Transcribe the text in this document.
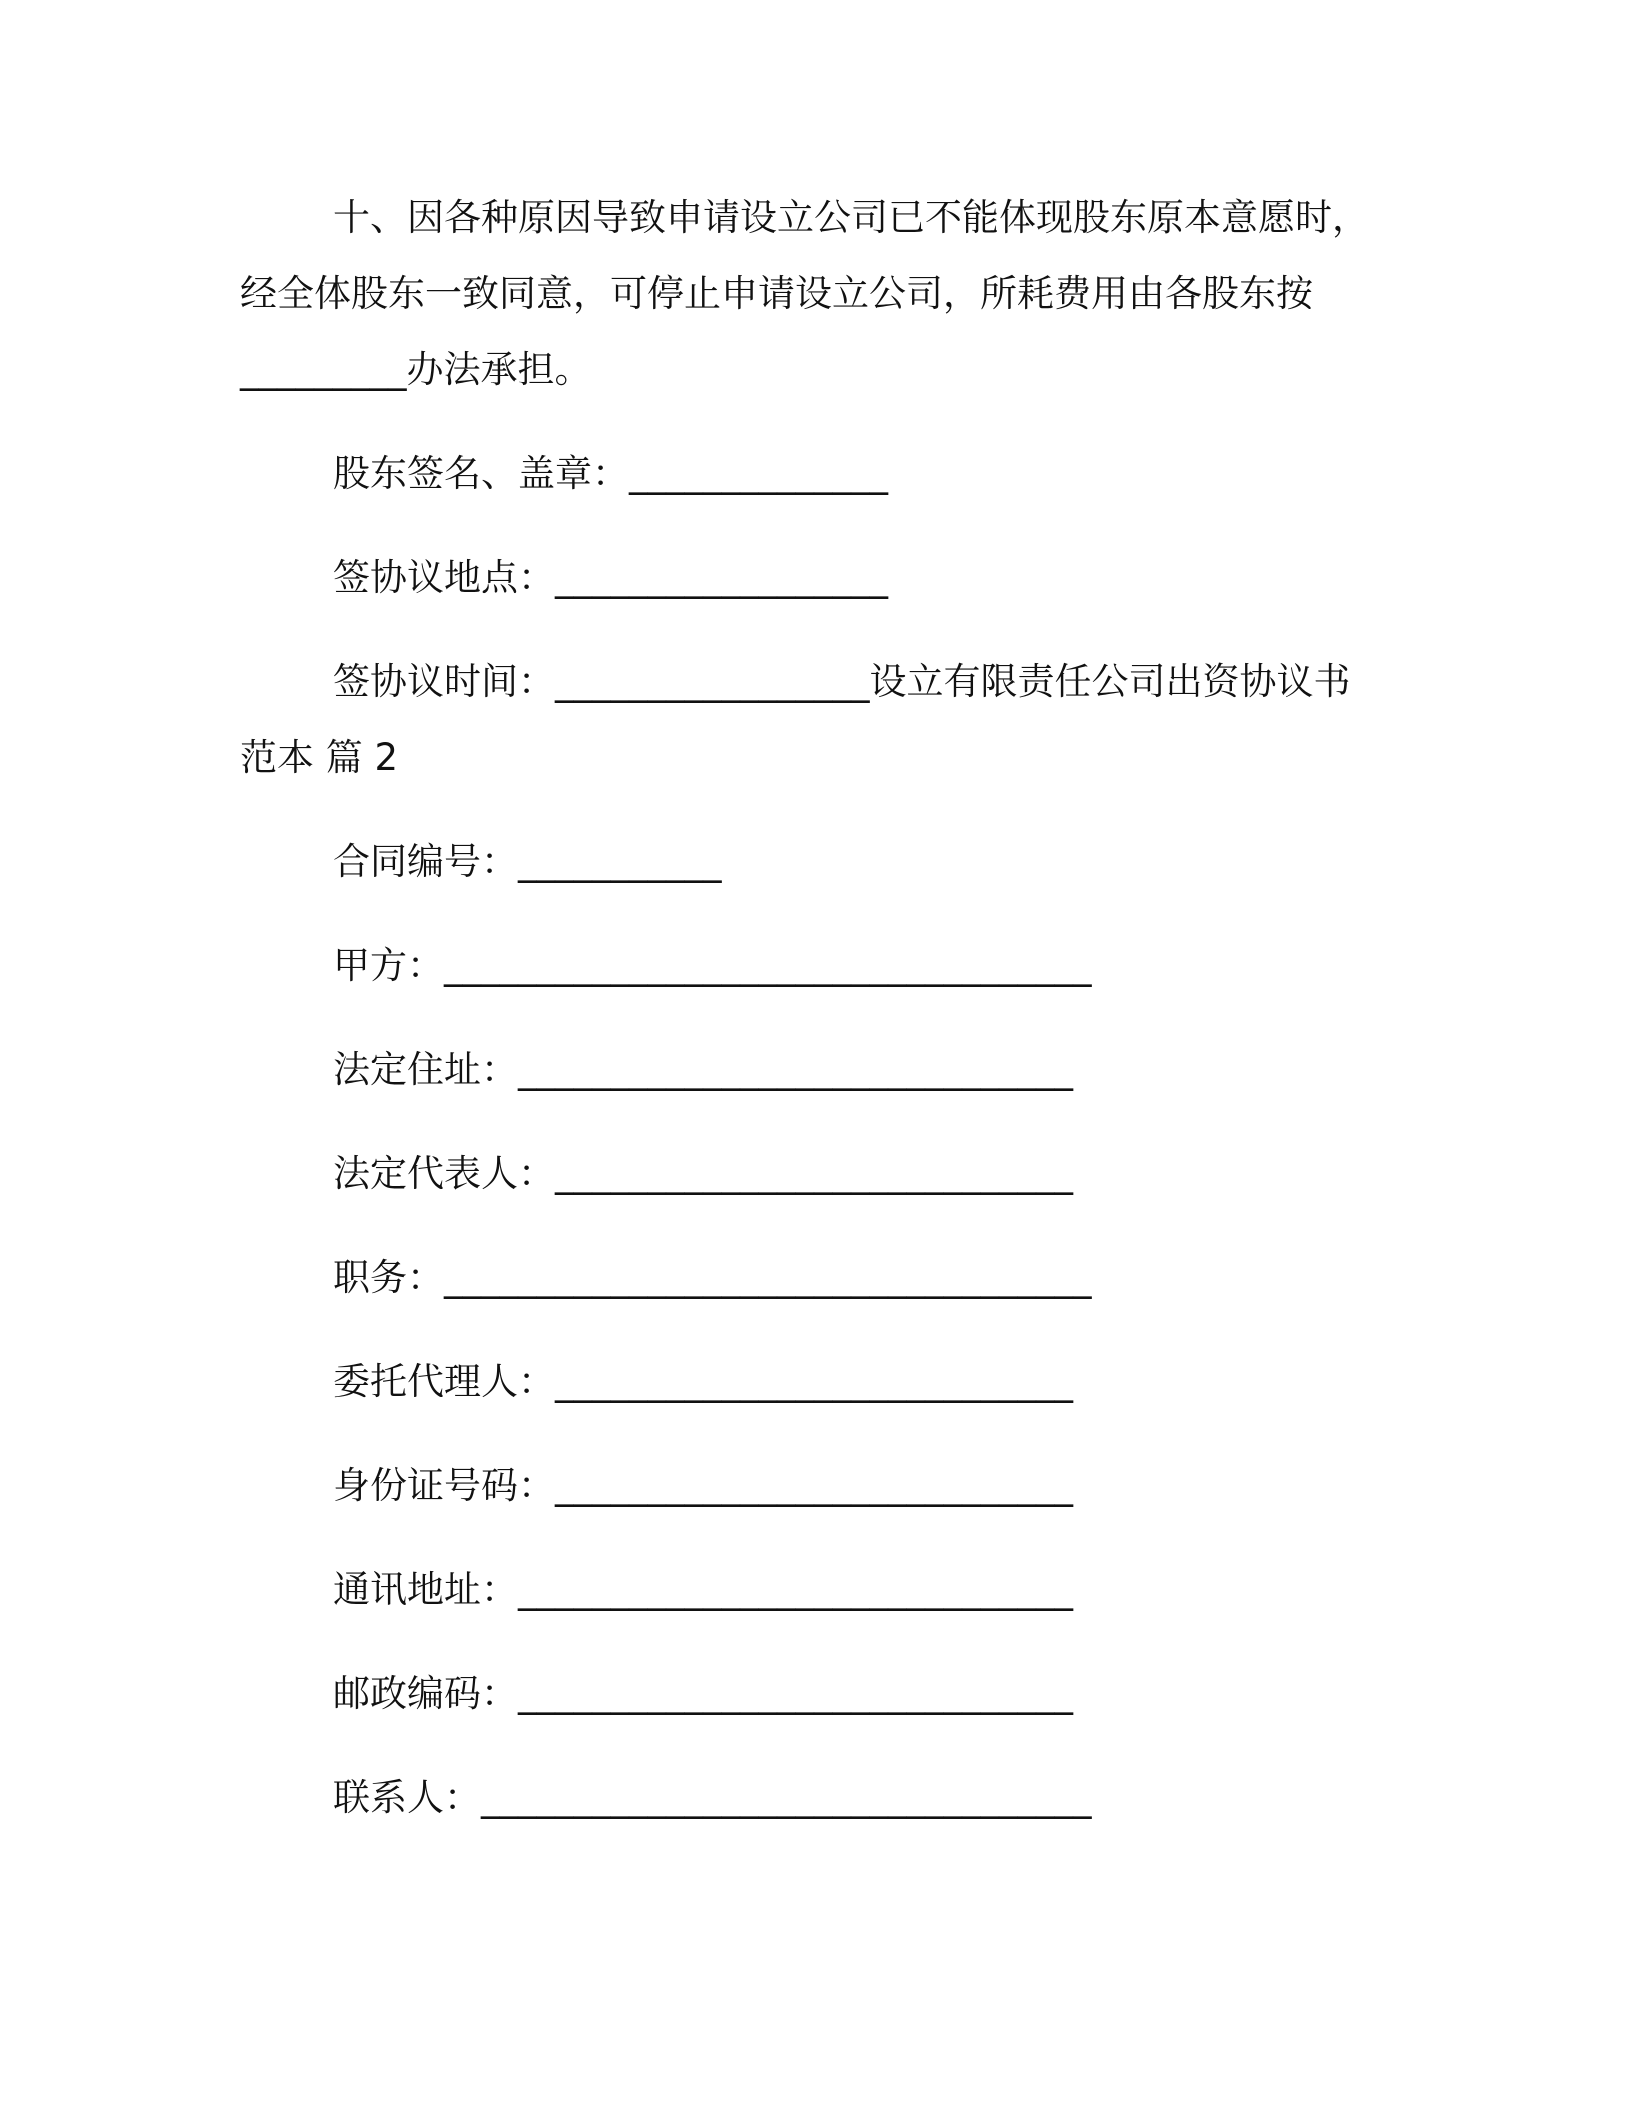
十、因各种原因导致申请设立公司已不能体现股东原本意愿时，
经全体股东一致同意，可停止申请设立公司，所耗费用由各股东按
_________办法承担。
股东签名、盖章：______________
签协议地点：__________________
签协议时间：_________________设立有限责任公司出资协议书
范本 篇 2
合同编号：___________
甲方：___________________________________
法定住址：______________________________
法定代表人：____________________________
职务：___________________________________
委托代理人：____________________________
身份证号码：____________________________
通讯地址：______________________________
邮政编码：______________________________
联系人：_________________________________
